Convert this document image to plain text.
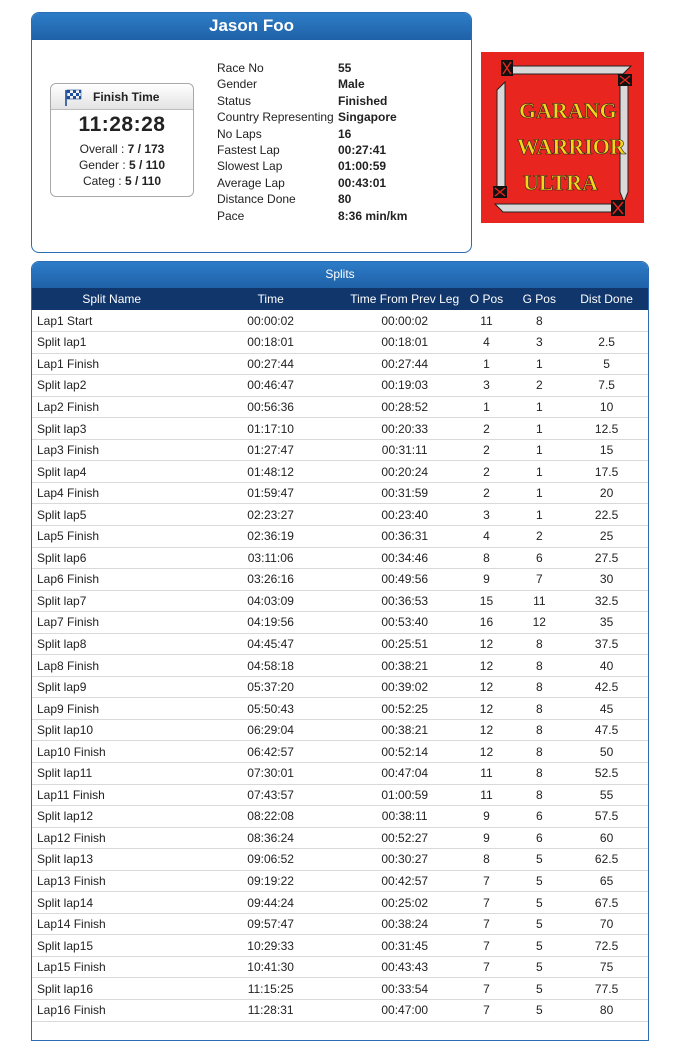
Jason Foo
Finish Time
11:28:28
Overall : 7 / 173
Gender : 5 / 110
Categ : 5 / 110
Race No	55
Gender	Male
Status	Finished
Country Representing Singapore
No Laps	16
Fastest Lap	00:27:41
Slowest Lap	01:00:59
Average Lap	00:43:01
Distance Done	80
Pace	8:36 min/km
GARANG
WARRIOR
ULTRA
Splits
Split Name	Time	Time From Prev Leg	O Pos	G Pos	Dist Done
Lap1 Start	00:00:02	00:00:02	11	8	
Split lap1	00:18:01	00:18:01	4	3	2.5
Lap1 Finish	00:27:44	00:27:44	1	1	5
Split lap2	00:46:47	00:19:03	3	2	7.5
Lap2 Finish	00:56:36	00:28:52	1	1	10
Split lap3	01:17:10	00:20:33	2	1	12.5
Lap3 Finish	01:27:47	00:31:11	2	1	15
Split lap4	01:48:12	00:20:24	2	1	17.5
Lap4 Finish	01:59:47	00:31:59	2	1	20
Split lap5	02:23:27	00:23:40	3	1	22.5
Lap5 Finish	02:36:19	00:36:31	4	2	25
Split lap6	03:11:06	00:34:46	8	6	27.5
Lap6 Finish	03:26:16	00:49:56	9	7	30
Split lap7	04:03:09	00:36:53	15	11	32.5
Lap7 Finish	04:19:56	00:53:40	16	12	35
Split lap8	04:45:47	00:25:51	12	8	37.5
Lap8 Finish	04:58:18	00:38:21	12	8	40
Split lap9	05:37:20	00:39:02	12	8	42.5
Lap9 Finish	05:50:43	00:52:25	12	8	45
Split lap10	06:29:04	00:38:21	12	8	47.5
Lap10 Finish	06:42:57	00:52:14	12	8	50
Split lap11	07:30:01	00:47:04	11	8	52.5
Lap11 Finish	07:43:57	01:00:59	11	8	55
Split lap12	08:22:08	00:38:11	9	6	57.5
Lap12 Finish	08:36:24	00:52:27	9	6	60
Split lap13	09:06:52	00:30:27	8	5	62.5
Lap13 Finish	09:19:22	00:42:57	7	5	65
Split lap14	09:44:24	00:25:02	7	5	67.5
Lap14 Finish	09:57:47	00:38:24	7	5	70
Split lap15	10:29:33	00:31:45	7	5	72.5
Lap15 Finish	10:41:30	00:43:43	7	5	75
Split lap16	11:15:25	00:33:54	7	5	77.5
Lap16 Finish	11:28:31	00:47:00	7	5	80
